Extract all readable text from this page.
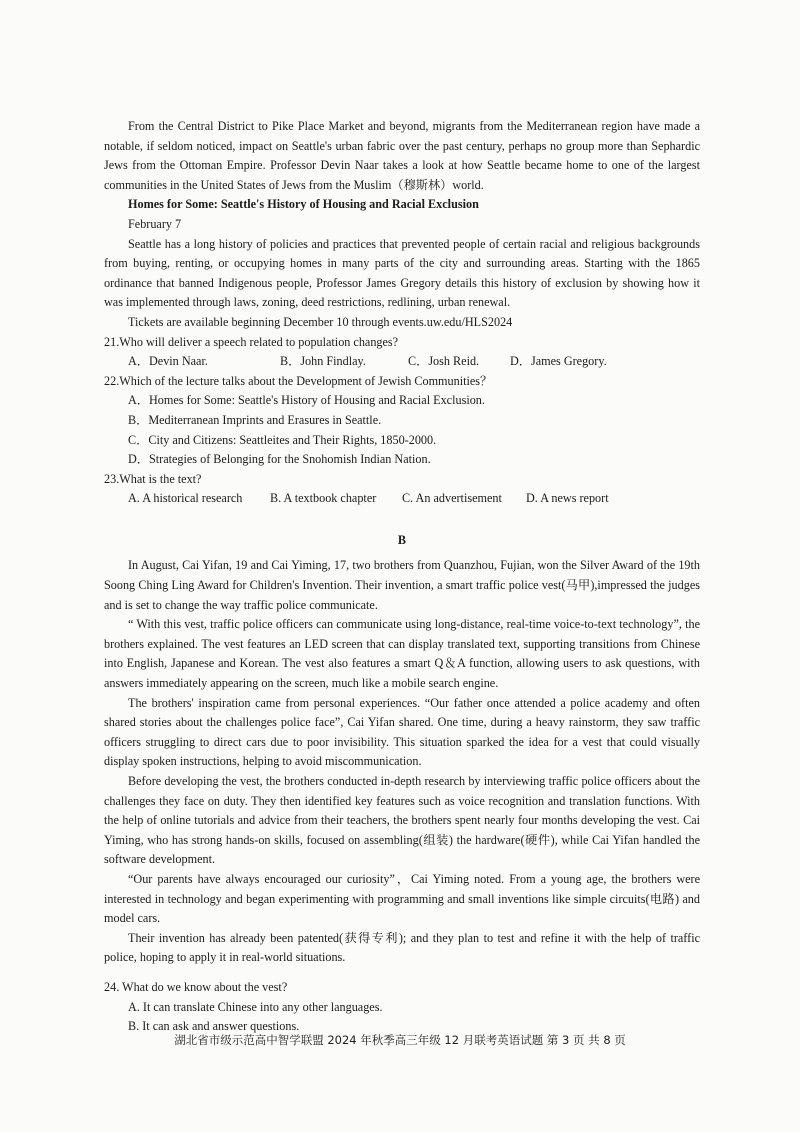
From the Central District to Pike Place Market and beyond, migrants from the Mediterranean region have made a notable, if seldom noticed, impact on Seattle's urban fabric over the past century, perhaps no group more than Sephardic Jews from the Ottoman Empire. Professor Devin Naar takes a look at how Seattle became home to one of the largest communities in the United States of Jews from the Muslim（穆斯林）world.

Homes for Some: Seattle's History of Housing and Racial Exclusion

February 7

Seattle has a long history of policies and practices that prevented people of certain racial and religious backgrounds from buying, renting, or occupying homes in many parts of the city and surrounding areas. Starting with the 1865 ordinance that banned Indigenous people, Professor James Gregory details this history of exclusion by showing how it was implemented through laws, zoning, deed restrictions, redlining, urban renewal.

Tickets are available beginning December 10 through events.uw.edu/HLS2024

21.Who will deliver a speech related to population changes?

A．Devin Naar.	B．John Findlay.	C．Josh Reid.	D．James Gregory.

22.Which of the lecture talks about the Development of Jewish Communities？

A．Homes for Some: Seattle's History of Housing and Racial Exclusion.

B．Mediterranean Imprints and Erasures in Seattle.

C．City and Citizens: Seattleites and Their Rights, 1850-2000.

D．Strategies of Belonging for the Snohomish Indian Nation.

23.What is the text?

A. A historical research	B. A textbook chapter	C. An advertisement	D. A news report
B

In August, Cai Yifan, 19 and Cai Yiming, 17, two brothers from Quanzhou, Fujian, won the Silver Award of the 19th Soong Ching Ling Award for Children's Invention. Their invention, a smart traffic police vest(马甲),impressed the judges and is set to change the way traffic police communicate.

“ With this vest, traffic police officers can communicate using long-distance, real-time voice-to-text technology”, the brothers explained. The vest features an LED screen that can display translated text, supporting transitions from Chinese into English, Japanese and Korean. The vest also features a smart Q＆A function, allowing users to ask questions, with answers immediately appearing on the screen, much like a mobile search engine.

The brothers' inspiration came from personal experiences. “Our father once attended a police academy and often shared stories about the challenges police face”, Cai Yifan shared. One time, during a heavy rainstorm, they saw traffic officers struggling to direct cars due to poor invisibility. This situation sparked the idea for a vest that could visually display spoken instructions, helping to avoid miscommunication.

Before developing the vest, the brothers conducted in-depth research by interviewing traffic police officers about the challenges they face on duty. They then identified key features such as voice recognition and translation functions. With the help of online tutorials and advice from their teachers, the brothers spent nearly four months developing the vest. Cai Yiming, who has strong hands-on skills, focused on assembling(组装) the hardware(硬件), while Cai Yifan handled the software development.

“Our parents have always encouraged our curiosity”，Cai Yiming noted. From a young age, the brothers were interested in technology and began experimenting with programming and small inventions like simple circuits(电路) and model cars.

Their invention has already been patented(获得专利); and they plan to test and refine it with the help of traffic police, hoping to apply it in real-world situations.

24. What do we know about the vest?

A. It can translate Chinese into any other languages.

B. It can ask and answer questions.

湖北省市级示范高中智学联盟 2024 年秋季高三年级 12 月联考英语试题 第 3 页 共 8 页
